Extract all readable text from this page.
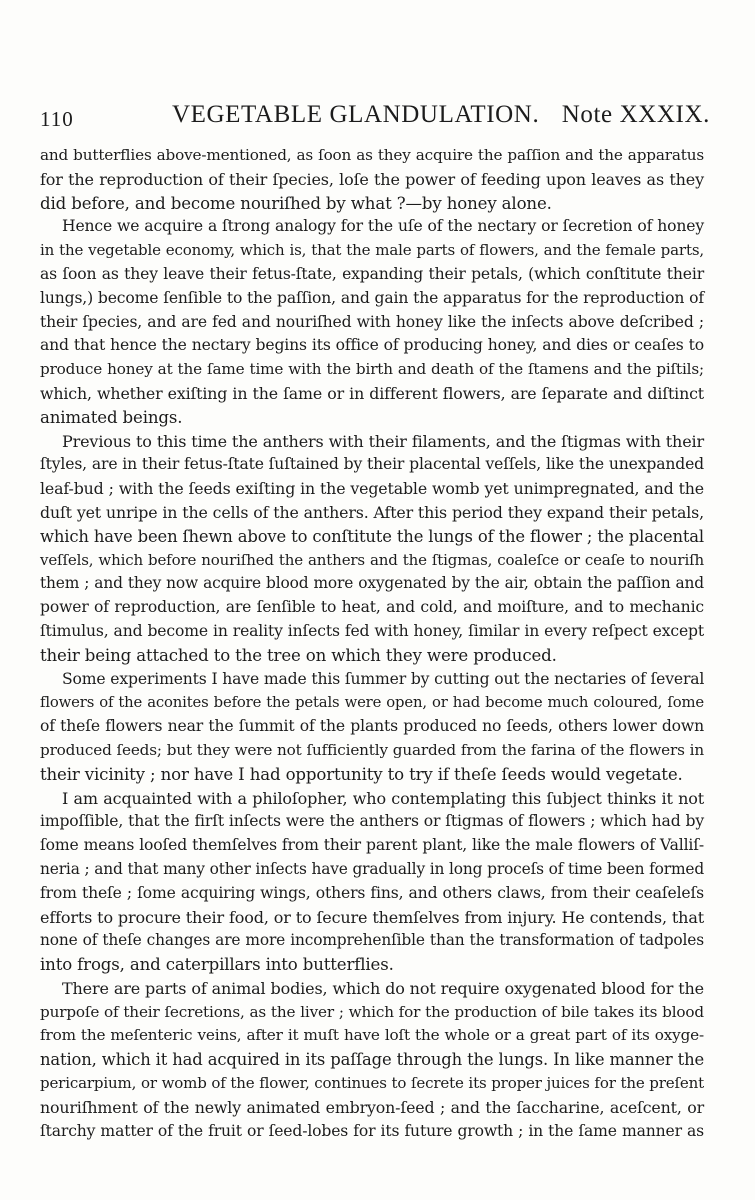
110	VEGETABLE GLANDULATION. Note XXXIX.
and butterflies above-mentioned, as ſoon as they acquire the paſſion and the apparatus
for the reproduction of their ſpecies, loſe the power of feeding upon leaves as they
did before, and become nouriſhed by what ?—by honey alone.
Hence we acquire a ſtrong analogy for the uſe of the nectary or ſecretion of honey
in the vegetable economy, which is, that the male parts of flowers, and the female parts,
as ſoon as they leave their fetus-ſtate, expanding their petals, (which conſtitute their
lungs,) become ſenſible to the paſſion, and gain the apparatus for the reproduction of
their ſpecies, and are fed and nouriſhed with honey like the inſects above deſcribed ;
and that hence the nectary begins its office of producing honey, and dies or ceaſes to
produce honey at the ſame time with the birth and death of the ſtamens and the piſtils;
which, whether exiſting in the ſame or in different flowers, are ſeparate and diſtinct
animated beings.
Previous to this time the anthers with their filaments, and the ſtigmas with their
ſtyles, are in their fetus-ſtate ſuſtained by their placental veſſels, like the unexpanded
leaf-bud ; with the ſeeds exiſting in the vegetable womb yet unimpregnated, and the
duſt yet unripe in the cells of the anthers. After this period they expand their petals,
which have been ſhewn above to conſtitute the lungs of the flower ; the placental
veſſels, which before nouriſhed the anthers and the ſtigmas, coaleſce or ceaſe to nouriſh
them ; and they now acquire blood more oxygenated by the air, obtain the paſſion and
power of reproduction, are ſenſible to heat, and cold, and moiſture, and to mechanic
ſtimulus, and become in reality inſects fed with honey, ſimilar in every reſpect except
their being attached to the tree on which they were produced.
Some experiments I have made this ſummer by cutting out the nectaries of ſeveral
flowers of the aconites before the petals were open, or had become much coloured, ſome
of theſe flowers near the ſummit of the plants produced no ſeeds, others lower down
produced ſeeds; but they were not ſufficiently guarded from the farina of the flowers in
their vicinity ; nor have I had opportunity to try if theſe ſeeds would vegetate.
I am acquainted with a philoſopher, who contemplating this ſubject thinks it not
impoſſible, that the firſt inſects were the anthers or ſtigmas of flowers ; which had by
ſome means looſed themſelves from their parent plant, like the male flowers of Valliſ-
neria ; and that many other inſects have gradually in long proceſs of time been formed
from theſe ; ſome acquiring wings, others fins, and others claws, from their ceaſeleſs
efforts to procure their food, or to ſecure themſelves from injury. He contends, that
none of theſe changes are more incomprehenſible than the transformation of tadpoles
into frogs, and caterpillars into butterflies.
There are parts of animal bodies, which do not require oxygenated blood for the
purpoſe of their ſecretions, as the liver ; which for the production of bile takes its blood
from the meſenteric veins, after it muſt have loſt the whole or a great part of its oxyge-
nation, which it had acquired in its paſſage through the lungs. In like manner the
pericarpium, or womb of the flower, continues to ſecrete its proper juices for the preſent
nouriſhment of the newly animated embryon-ſeed ; and the ſaccharine, aceſcent, or
ſtarchy matter of the fruit or ſeed-lobes for its future growth ; in the ſame manner as
